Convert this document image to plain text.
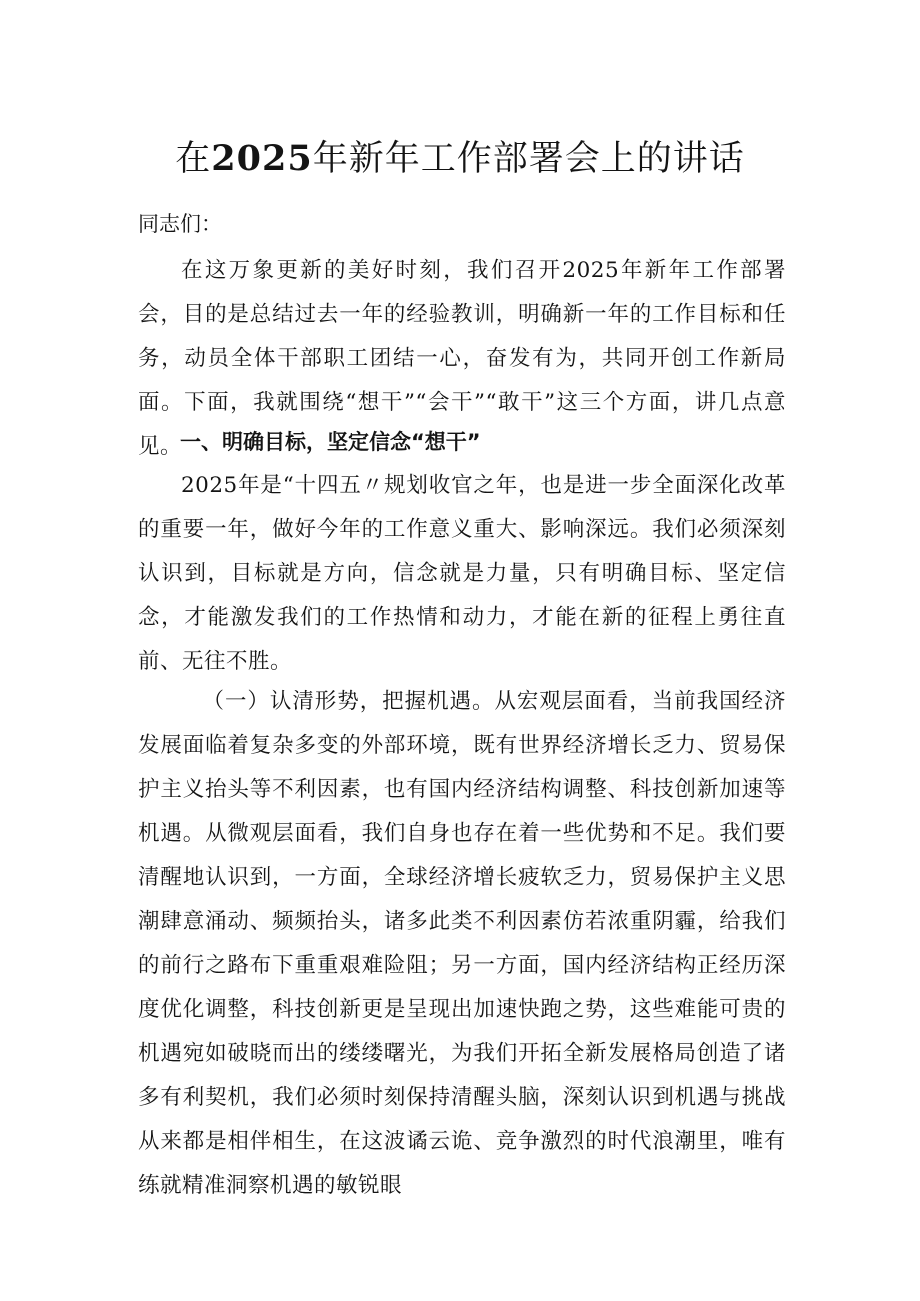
在2025年新年工作部署会上的讲话

同志们：

在这万象更新的美好时刻，我们召开2025年新年工作部署会，目的是总结过去一年的经验教训，明确新一年的工作目标和任务，动员全体干部职工团结一心，奋发有为，共同开创工作新局面。下面，我就围绕“想干”“会干”“敢干”这三个方面，讲几点意见。

一、明确目标，坚定信念“想干”

2025年是“十四五〃规划收官之年，也是进一步全面深化改革的重要一年，做好今年的工作意义重大、影响深远。我们必须深刻认识到，目标就是方向，信念就是力量，只有明确目标、坚定信念，才能激发我们的工作热情和动力，才能在新的征程上勇往直前、无往不胜。

（一）认清形势，把握机遇。从宏观层面看，当前我国经济发展面临着复杂多变的外部环境，既有世界经济增长乏力、贸易保护主义抬头等不利因素，也有国内经济结构调整、科技创新加速等机遇。从微观层面看，我们自身也存在着一些优势和不足。我们要清醒地认识到，一方面，全球经济增长疲软乏力，贸易保护主义思潮肆意涌动、频频抬头，诸多此类不利因素仿若浓重阴霾，给我们的前行之路布下重重艰难险阻；另一方面，国内经济结构正经历深度优化调整，科技创新更是呈现出加速快跑之势，这些难能可贵的机遇宛如破晓而出的缕缕曙光，为我们开拓全新发展格局创造了诸多有利契机，我们必须时刻保持清醒头脑，深刻认识到机遇与挑战从来都是相伴相生，在这波谲云诡、竞争激烈的时代浪潮里，唯有练就精准洞察机遇的敏锐眼
